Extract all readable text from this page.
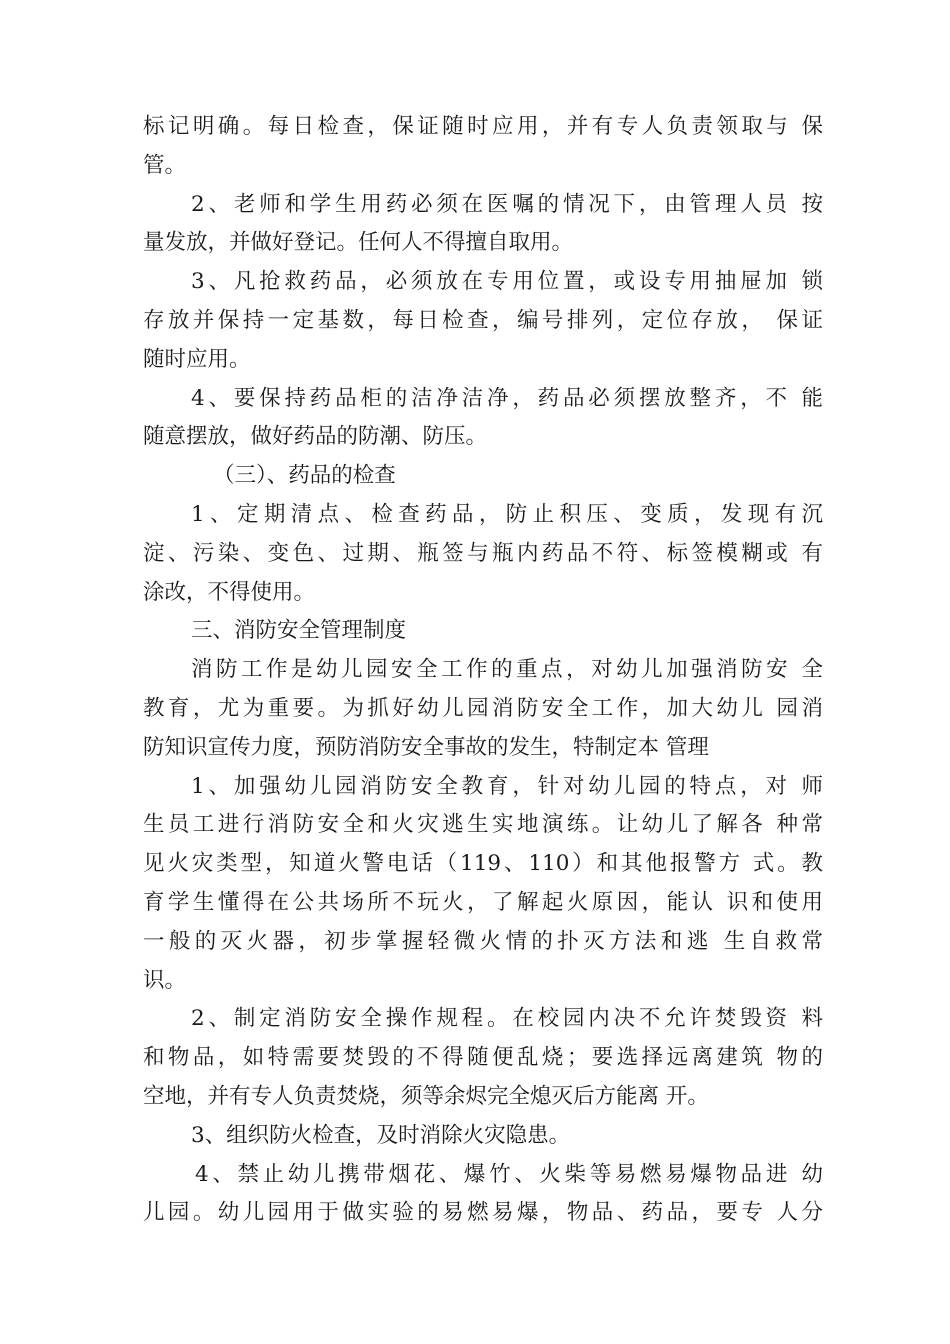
标记明确。每日检查，保证随时应用，并有专人负责领取与 保
管。
2、老师和学生用药必须在医嘱的情况下，由管理人员 按
量发放，并做好登记。任何人不得擅自取用。
3、凡抢救药品，必须放在专用位置，或设专用抽屉加 锁
存放并保持一定基数，每日检查，编号排列，定位存放， 保证
随时应用。
4、要保持药品柜的洁净洁净，药品必须摆放整齐，不 能
随意摆放，做好药品的防潮、防压。
（三）、药品的检查
1、定期清点、检查药品，防止积压、变质，发现有沉
淀、污染、变色、过期、瓶签与瓶内药品不符、标签模糊或 有
涂改，不得使用。
三、消防安全管理制度
消防工作是幼儿园安全工作的重点，对幼儿加强消防安 全
教育，尤为重要。为抓好幼儿园消防安全工作，加大幼儿 园消
防知识宣传力度，预防消防安全事故的发生，特制定本 管理
1、加强幼儿园消防安全教育，针对幼儿园的特点，对 师
生员工进行消防安全和火灾逃生实地演练。让幼儿了解各 种常
见火灾类型，知道火警电话（119、110）和其他报警方 式。教
育学生懂得在公共场所不玩火，了解起火原因，能认 识和使用
一般的灭火器，初步掌握轻微火情的扑灭方法和逃 生自救常
识。
2、制定消防安全操作规程。在校园内决不允许焚毁资 料
和物品，如特需要焚毁的不得随便乱烧；要选择远离建筑 物的
空地，并有专人负责焚烧，须等余烬完全熄灭后方能离 开。
3、组织防火检查，及时消除火灾隐患。
4、禁止幼儿携带烟花、爆竹、火柴等易燃易爆物品进 幼
儿园。幼儿园用于做实验的易燃易爆，物品、药品，要专 人分
